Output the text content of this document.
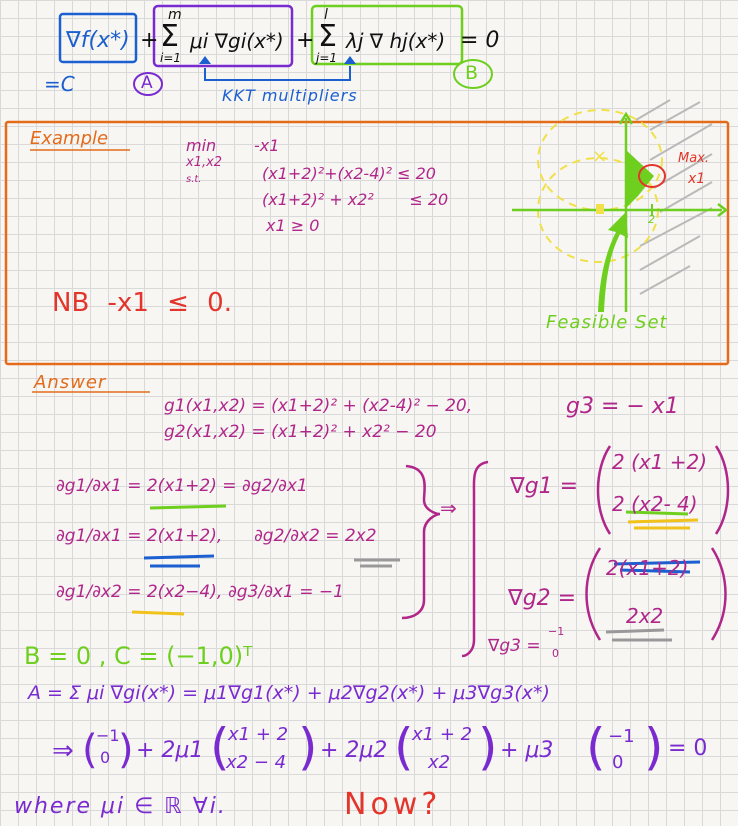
×
∇f(x*) +
m
Σ
i=1
μi ∇gi(x*) +
l
Σ
j=1
λj ∇ hj(x*) = 0
=C	A	B
KKT multipliers
Example	min -x1
x1,x2
s.t.	(x1+2)²+(x2-4)² ≤ 20
(x1+2)² + x2²       ≤ 20
x1 ≥ 0
NB -x1 ≤ 0.
Max.
x1
2
Feasible Set
Answer
g1(x1,x2) = (x1+2)² + (x2-4)² − 20,	g3 = − x1
g2(x1,x2) = (x1+2)² + x2² − 20
∂g1/∂x1 = 2(x1+2) = ∂g2/∂x1
∂g1/∂x1 = 2(x1+2), ∂g2/∂x2 = 2x2
∂g1/∂x2 = 2(x2−4), ∂g3/∂x1 = −1
⇒
∇g1 =
2 (x1 +2)
2 (x2- 4)
∇g2 =
2(x1+2)
2x2
∇g3 =
−1
0
B = 0 , C = (−1,0)ᵀ
A = Σ μi ∇gi(x*) = μ1∇g1(x*) + μ2∇g2(x*) + μ3∇g3(x*)
⇒ (
−1
0 ) + 2μ1 (
x1 + 2
x2 − 4 ) + 2μ2 (
x1 + 2
x2 ) + μ3 ( −1
0 ) = 0
where μi ∈ ℝ ∀i.	Now?
